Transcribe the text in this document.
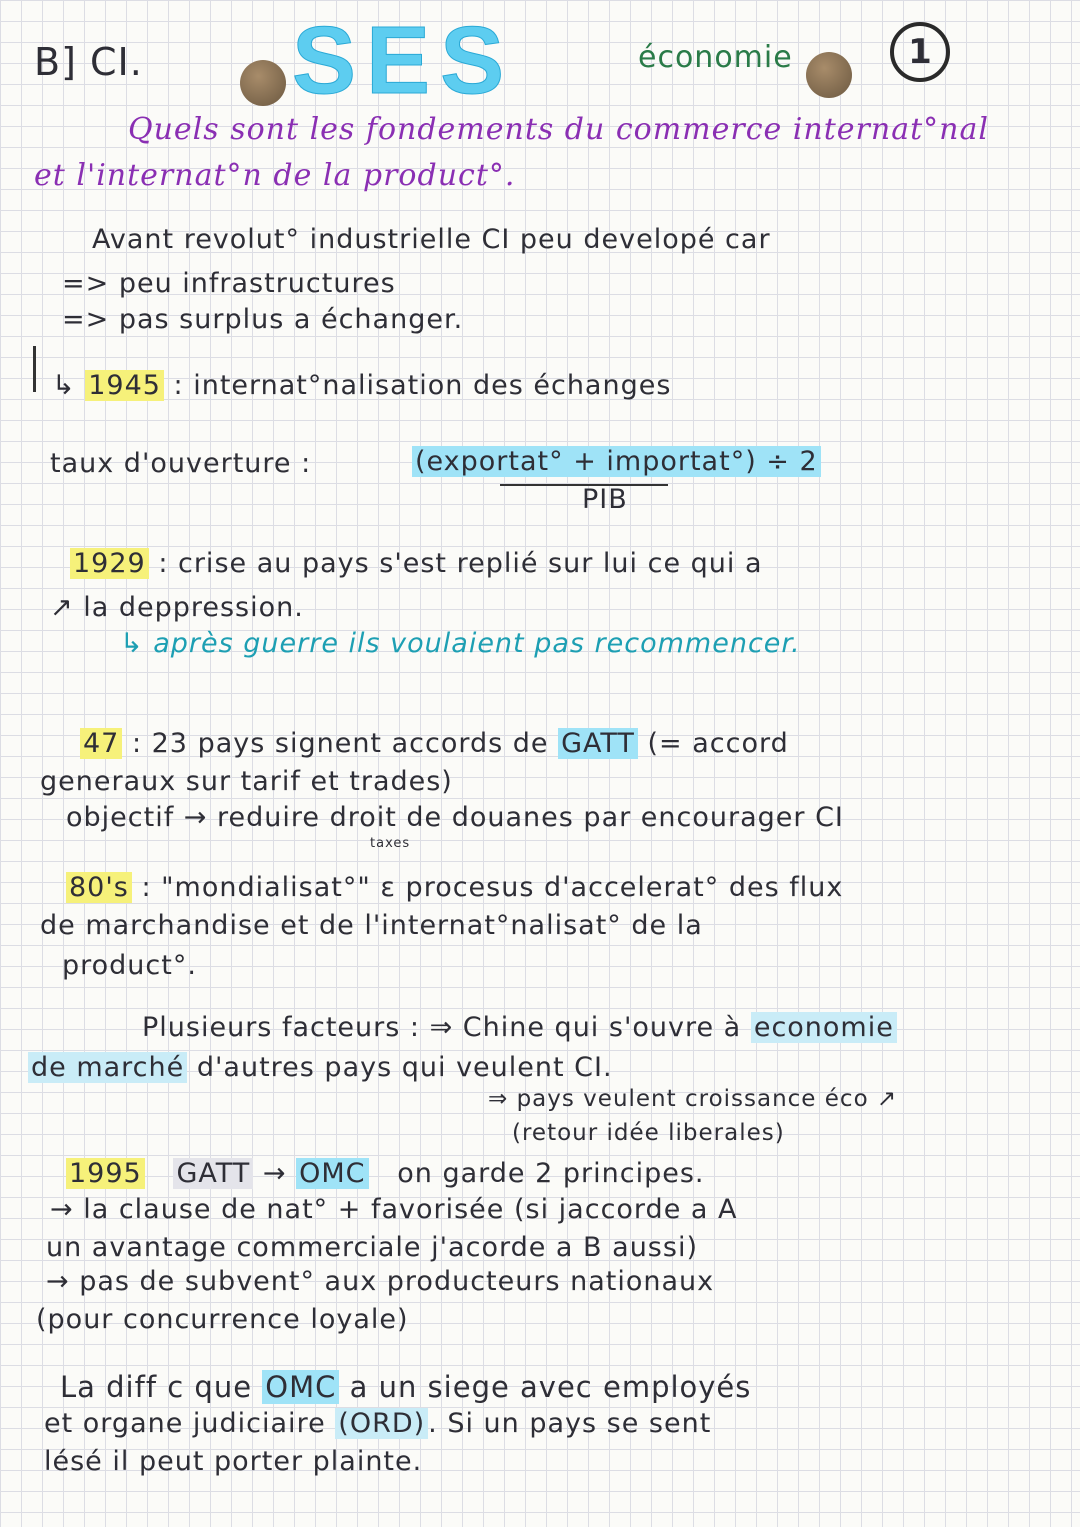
B] CI. SES	économie	1
Quels sont les fondements du commerce internat°nal
et l'internat°n de la product°.
Avant revolut° industrielle CI peu developé car
=> peu infrastructures
=> pas surplus a échanger.
↳ 1945 : internat°nalisation des échanges
taux d'ouverture :	(exportat° + importat°) ÷ 2
PIB
1929 : crise au pays s'est replié sur lui ce qui a
↗ la deppression.
↳ après guerre ils voulaient pas recommencer.
47 : 23 pays signent accords de GATT (= accord
generaux sur tarif et trades)
objectif → reduire droit de douanes par encourager CI
taxes
80's : "mondialisat°" ε procesus d'accelerat° des flux
de marchandise et de l'internat°nalisat° de la
product°.
Plusieurs facteurs : ⇒ Chine qui s'ouvre à economie
de marché d'autres pays qui veulent CI.
⇒ pays veulent croissance éco ↗
(retour idée liberales)
1995 GATT → OMC on garde 2 principes.
→ la clause de nat° + favorisée (si jaccorde a A
un avantage commerciale j'acorde a B aussi)
→ pas de subvent° aux producteurs nationaux
(pour concurrence loyale)
La diff c que OMC a un siege avec employés
et organe judiciaire (ORD) . Si un pays se sent
lésé il peut porter plainte.
